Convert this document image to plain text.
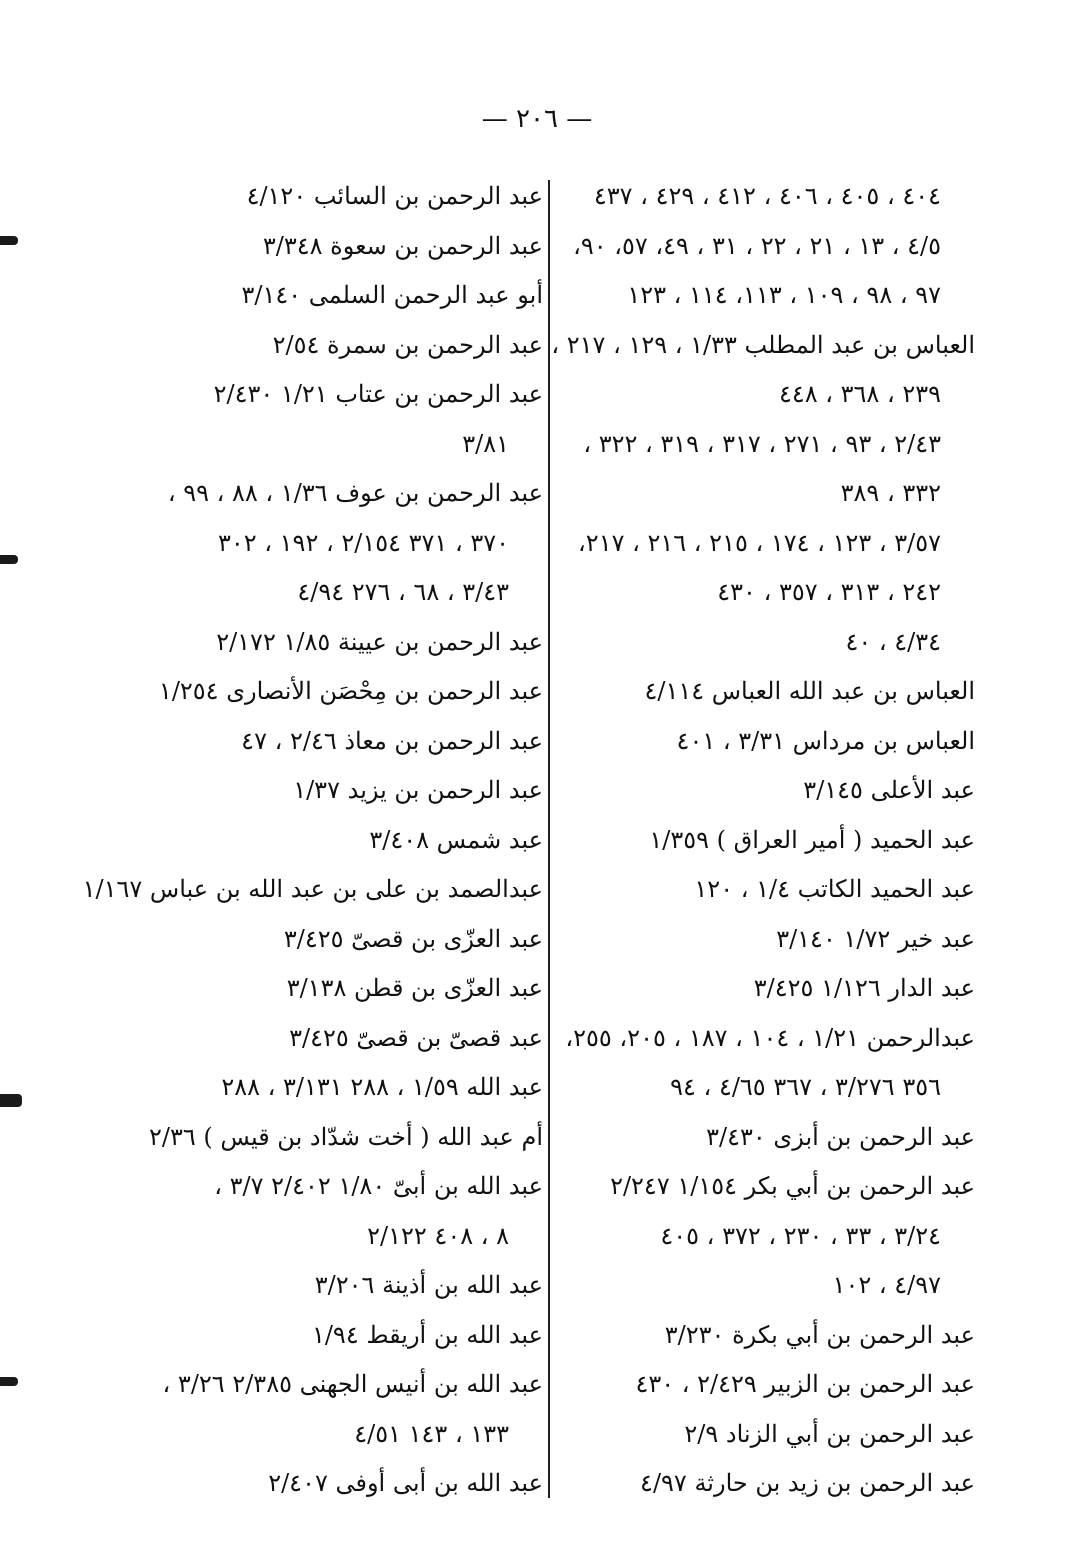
— ٢٠٦ —
٤٠٤ ، ٤٠٥ ، ٤٠٦ ، ٤١٢ ، ٤٢٩ ، ٤٣٧
٤/٥ ، ١٣ ، ٢١ ، ٢٢ ، ٣١ ، ٤٩، ٥٧، ٩٠،
٩٧ ، ٩٨ ، ١٠٩ ، ١١٣، ١١٤ ، ١٢٣
العباس بن عبد المطلب ١/٣٣ ، ١٢٩ ، ٢١٧ ،
٢٣٩ ، ٣٦٨ ، ٤٤٨
٢/٤٣ ، ٩٣ ، ٢٧١ ، ٣١٧ ، ٣١٩ ، ٣٢٢ ،
٣٣٢ ، ٣٨٩
٣/٥٧ ، ١٢٣ ، ١٧٤ ، ٢١٥ ، ٢١٦ ، ٢١٧،
٢٤٢ ، ٣١٣ ، ٣٥٧ ، ٤٣٠
٤/٣٤ ، ٤٠
العباس بن عبد الله العباس ٤/١١٤
العباس بن مرداس ٣/٣١ ، ٤٠١
عبد الأعلى ٣/١٤٥
عبد الحميد ( أمير العراق ) ١/٣٥٩
عبد الحميد الكاتب ١/٤ ، ١٢٠
عبد خير ١/٧٢ ٣/١٤٠
عبد الدار ١/١٢٦ ٣/٤٢٥
عبدالرحمن ١/٢١ ، ١٠٤ ، ١٨٧ ، ٢٠٥، ٢٥٥،
٣٥٦ ٣/٢٧٦ ، ٣٦٧ ٤/٦٥ ، ٩٤
عبد الرحمن بن أبزى ٣/٤٣٠
عبد الرحمن بن أبي بكر ١/١٥٤ ٢/٢٤٧
٣/٢٤ ، ٣٣ ، ٢٣٠ ، ٣٧٢ ، ٤٠٥
٤/٩٧ ، ١٠٢
عبد الرحمن بن أبي بكرة ٣/٢٣٠
عبد الرحمن بن الزبير ٢/٤٢٩ ، ٤٣٠
عبد الرحمن بن أبي الزناد ٢/٩
عبد الرحمن بن زيد بن حارثة ٤/٩٧
عبد الرحمن بن السائب ٤/١٢٠
عبد الرحمن بن سعوة ٣/٣٤٨
أبو عبد الرحمن السلمى ٣/١٤٠
عبد الرحمن بن سمرة ٢/٥٤
عبد الرحمن بن عتاب ١/٢١ ٢/٤٣٠
٣/٨١
عبد الرحمن بن عوف ١/٣٦ ، ٨٨ ، ٩٩ ،
٣٧٠ ، ٣٧١ ٢/١٥٤ ، ١٩٢ ، ٣٠٢
٣/٤٣ ، ٦٨ ، ٢٧٦ ٤/٩٤
عبد الرحمن بن عيينة ١/٨٥ ٢/١٧٢
عبد الرحمن بن مِحْصَن الأنصارى ١/٢٥٤
عبد الرحمن بن معاذ ٢/٤٦ ، ٤٧
عبد الرحمن بن يزيد ١/٣٧
عبد شمس ٣/٤٠٨
عبدالصمد بن على بن عبد الله بن عباس ١/١٦٧
عبد العزّى بن قصىّ ٣/٤٢٥
عبد العزّى بن قطن ٣/١٣٨
عبد قصىّ بن قصىّ ٣/٤٢٥
عبد الله ١/٥٩ ، ٢٨٨ ٣/١٣١ ، ٢٨٨
أم عبد الله ( أخت شدّاد بن قيس ) ٢/٣٦
عبد الله بن أبىّ ١/٨٠ ٢/٤٠٢ ٣/٧ ،
٨ ، ٤٠٨ ٢/١٢٢
عبد الله بن أذينة ٣/٢٠٦
عبد الله بن أريقط ١/٩٤
عبد الله بن أنيس الجهنى ٢/٣٨٥ ٣/٢٦ ،
١٣٣ ، ١٤٣ ٤/٥١
عبد الله بن أبى أوفى ٢/٤٠٧
